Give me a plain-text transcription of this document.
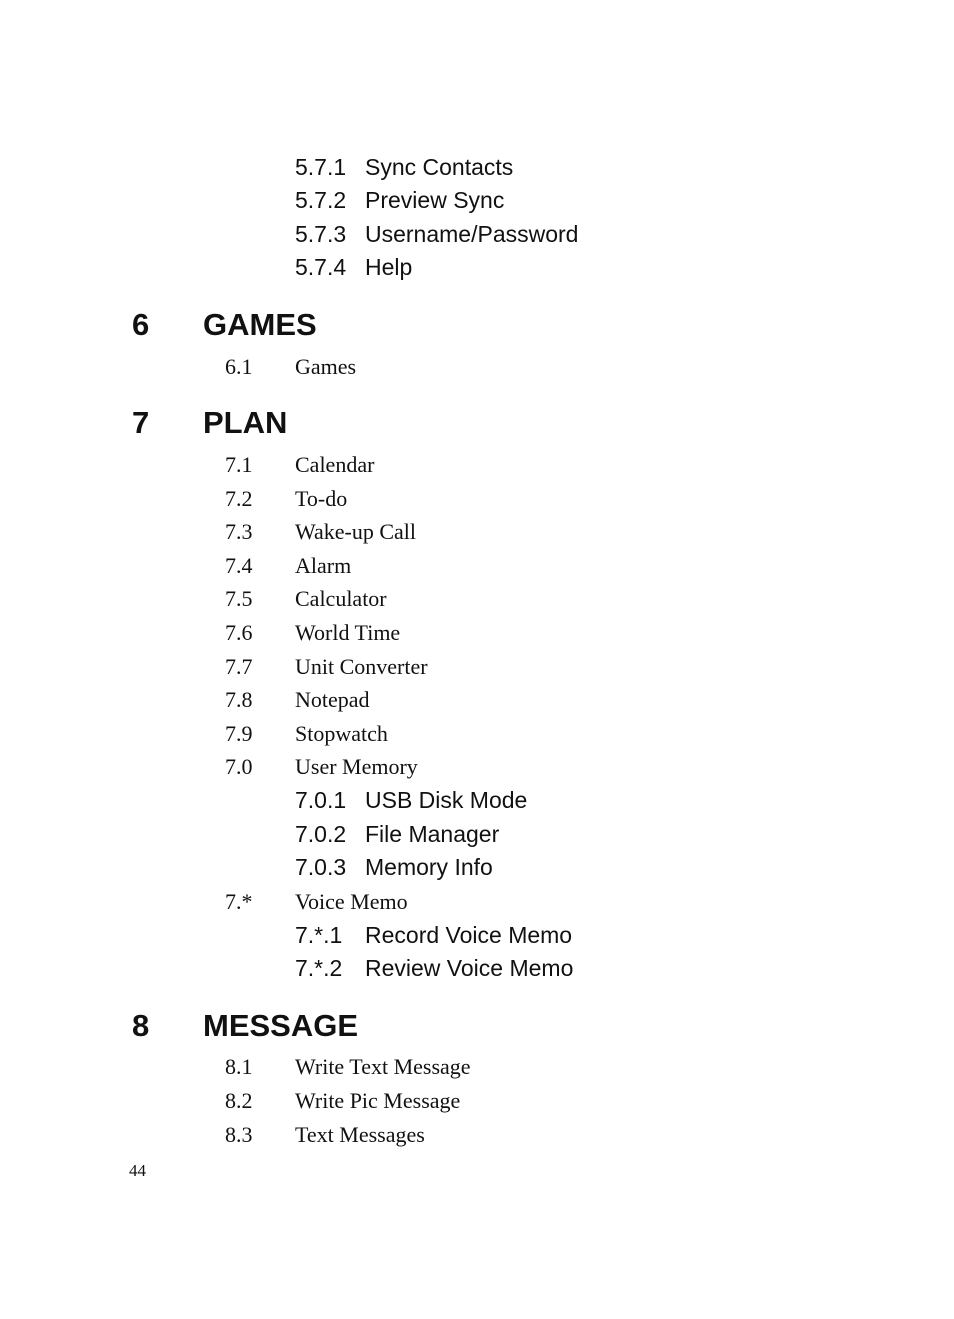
5.7.1 Sync Contacts
5.7.2 Preview Sync
5.7.3 Username/Password
5.7.4 Help
6 GAMES
6.1 Games
7 PLAN
7.1 Calendar
7.2 To-do
7.3 Wake-up Call
7.4 Alarm
7.5 Calculator
7.6 World Time
7.7 Unit Converter
7.8 Notepad
7.9 Stopwatch
7.0 User Memory
7.0.1 USB Disk Mode
7.0.2 File Manager
7.0.3 Memory Info
7.* Voice Memo
7.*.1 Record Voice Memo
7.*.2 Review Voice Memo
8 MESSAGE
8.1 Write Text Message
8.2 Write Pic Message
8.3 Text Messages
44
